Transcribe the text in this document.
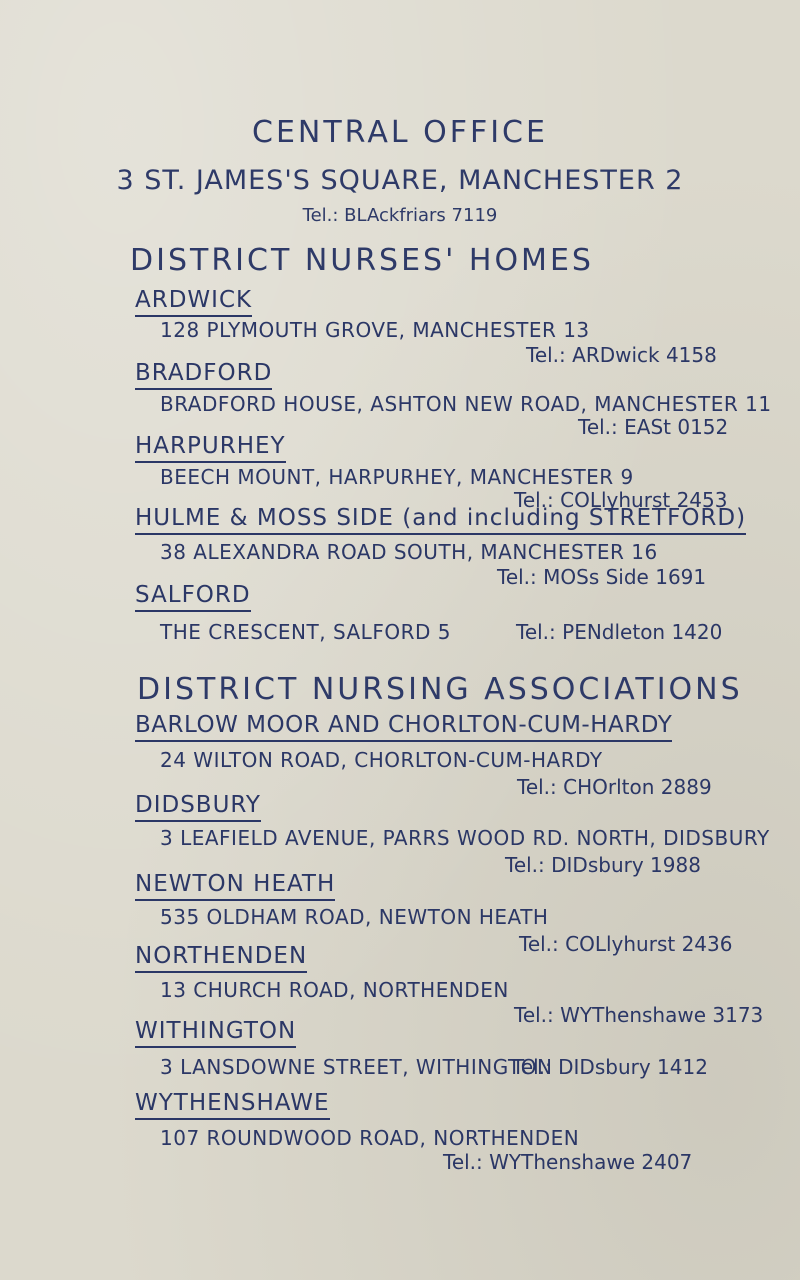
CENTRAL OFFICE
3 ST. JAMES'S SQUARE, MANCHESTER 2
Tel.: BLAckfriars 7119
DISTRICT NURSES' HOMES
ARDWICK
128 PLYMOUTH GROVE, MANCHESTER 13
Tel.: ARDwick 4158
BRADFORD
BRADFORD HOUSE, ASHTON NEW ROAD, MANCHESTER 11
Tel.: EASt 0152
HARPURHEY
BEECH MOUNT, HARPURHEY, MANCHESTER 9
Tel.: COLlyhurst 2453
HULME & MOSS SIDE (and including STRETFORD)
38 ALEXANDRA ROAD SOUTH, MANCHESTER 16
Tel.: MOSs Side 1691
SALFORD
THE CRESCENT, SALFORD 5	Tel.: PENdleton 1420
DISTRICT NURSING ASSOCIATIONS
BARLOW MOOR AND CHORLTON-CUM-HARDY
24 WILTON ROAD, CHORLTON-CUM-HARDY
Tel.: CHOrlton 2889
DIDSBURY
3 LEAFIELD AVENUE, PARRS WOOD RD. NORTH, DIDSBURY
Tel.: DIDsbury 1988
NEWTON HEATH
535 OLDHAM ROAD, NEWTON HEATH
Tel.: COLlyhurst 2436
NORTHENDEN
13 CHURCH ROAD, NORTHENDEN
Tel.: WYThenshawe 3173
WITHINGTON
3 LANSDOWNE STREET, WITHINGTON
Tel.: DIDsbury 1412
WYTHENSHAWE
107 ROUNDWOOD ROAD, NORTHENDEN
Tel.: WYThenshawe 2407
